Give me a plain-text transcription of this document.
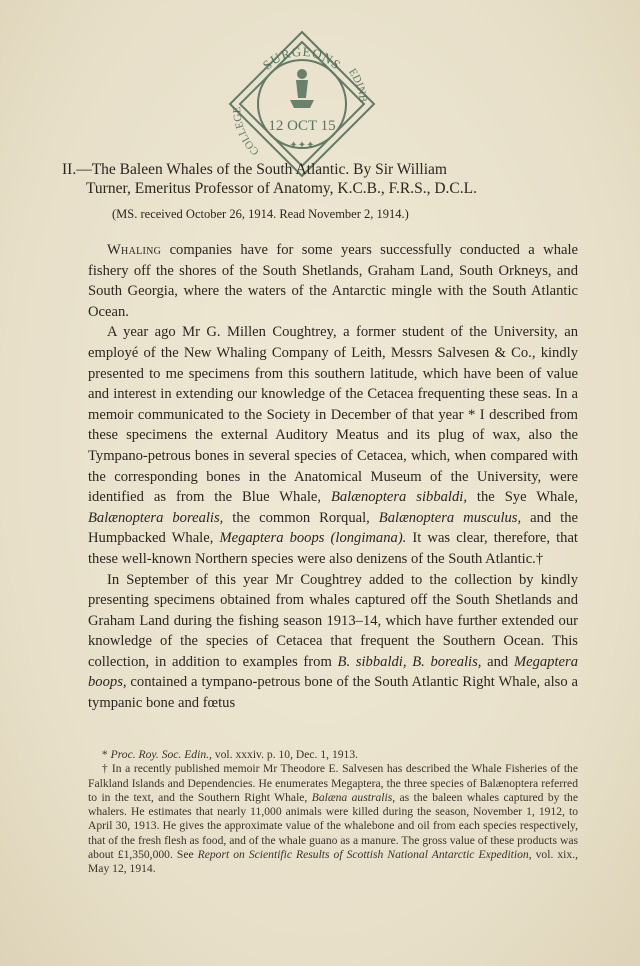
SURGEONS
COLLEGE
EDINB
12 OCT 15
✦✦✦
II.—The Baleen Whales of the South Atlantic. By Sir William
Turner, Emeritus Professor of Anatomy, K.C.B., F.R.S., D.C.L.
(MS. received October 26, 1914. Read November 2, 1914.)

Whaling companies have for some years successfully conducted a whale fishery off the shores of the South Shetlands, Graham Land, South Orkneys, and South Georgia, where the waters of the Antarctic mingle with the South Atlantic Ocean.

A year ago Mr G. Millen Coughtrey, a former student of the University, an employé of the New Whaling Company of Leith, Messrs Salvesen & Co., kindly presented to me specimens from this southern latitude, which have been of value and interest in extending our knowledge of the Cetacea frequenting these seas. In a memoir communicated to the Society in December of that year * I described from these specimens the external Auditory Meatus and its plug of wax, also the Tympano-petrous bones in several species of Cetacea, which, when compared with the corresponding bones in the Anatomical Museum of the University, were identified as from the Blue Whale, Balænoptera sibbaldi, the Sye Whale, Balænoptera borealis, the common Rorqual, Balænoptera musculus, and the Humpbacked Whale, Megaptera boops (longimana). It was clear, therefore, that these well-known Northern species were also denizens of the South Atlantic.†

In September of this year Mr Coughtrey added to the collection by kindly presenting specimens obtained from whales captured off the South Shetlands and Graham Land during the fishing season 1913–14, which have further extended our knowledge of the species of Cetacea that frequent the Southern Ocean. This collection, in addition to examples from B. sibbaldi, B. borealis, and Megaptera boops, contained a tympano-petrous bone of the South Atlantic Right Whale, also a tympanic bone and fœtus

* Proc. Roy. Soc. Edin., vol. xxxiv. p. 10, Dec. 1, 1913.

† In a recently published memoir Mr Theodore E. Salvesen has described the Whale Fisheries of the Falkland Islands and Dependencies. He enumerates Megaptera, the three species of Balænoptera referred to in the text, and the Southern Right Whale, Balæna australis, as the baleen whales captured by the whalers. He estimates that nearly 11,000 animals were killed during the season, November 1, 1912, to April 30, 1913. He gives the approximate value of the whalebone and oil from each species respectively, that of the fresh flesh as food, and of the whale guano as a manure. The gross value of these products was about £1,350,000. See Report on Scientific Results of Scottish National Antarctic Expedition, vol. xix., May 12, 1914.
